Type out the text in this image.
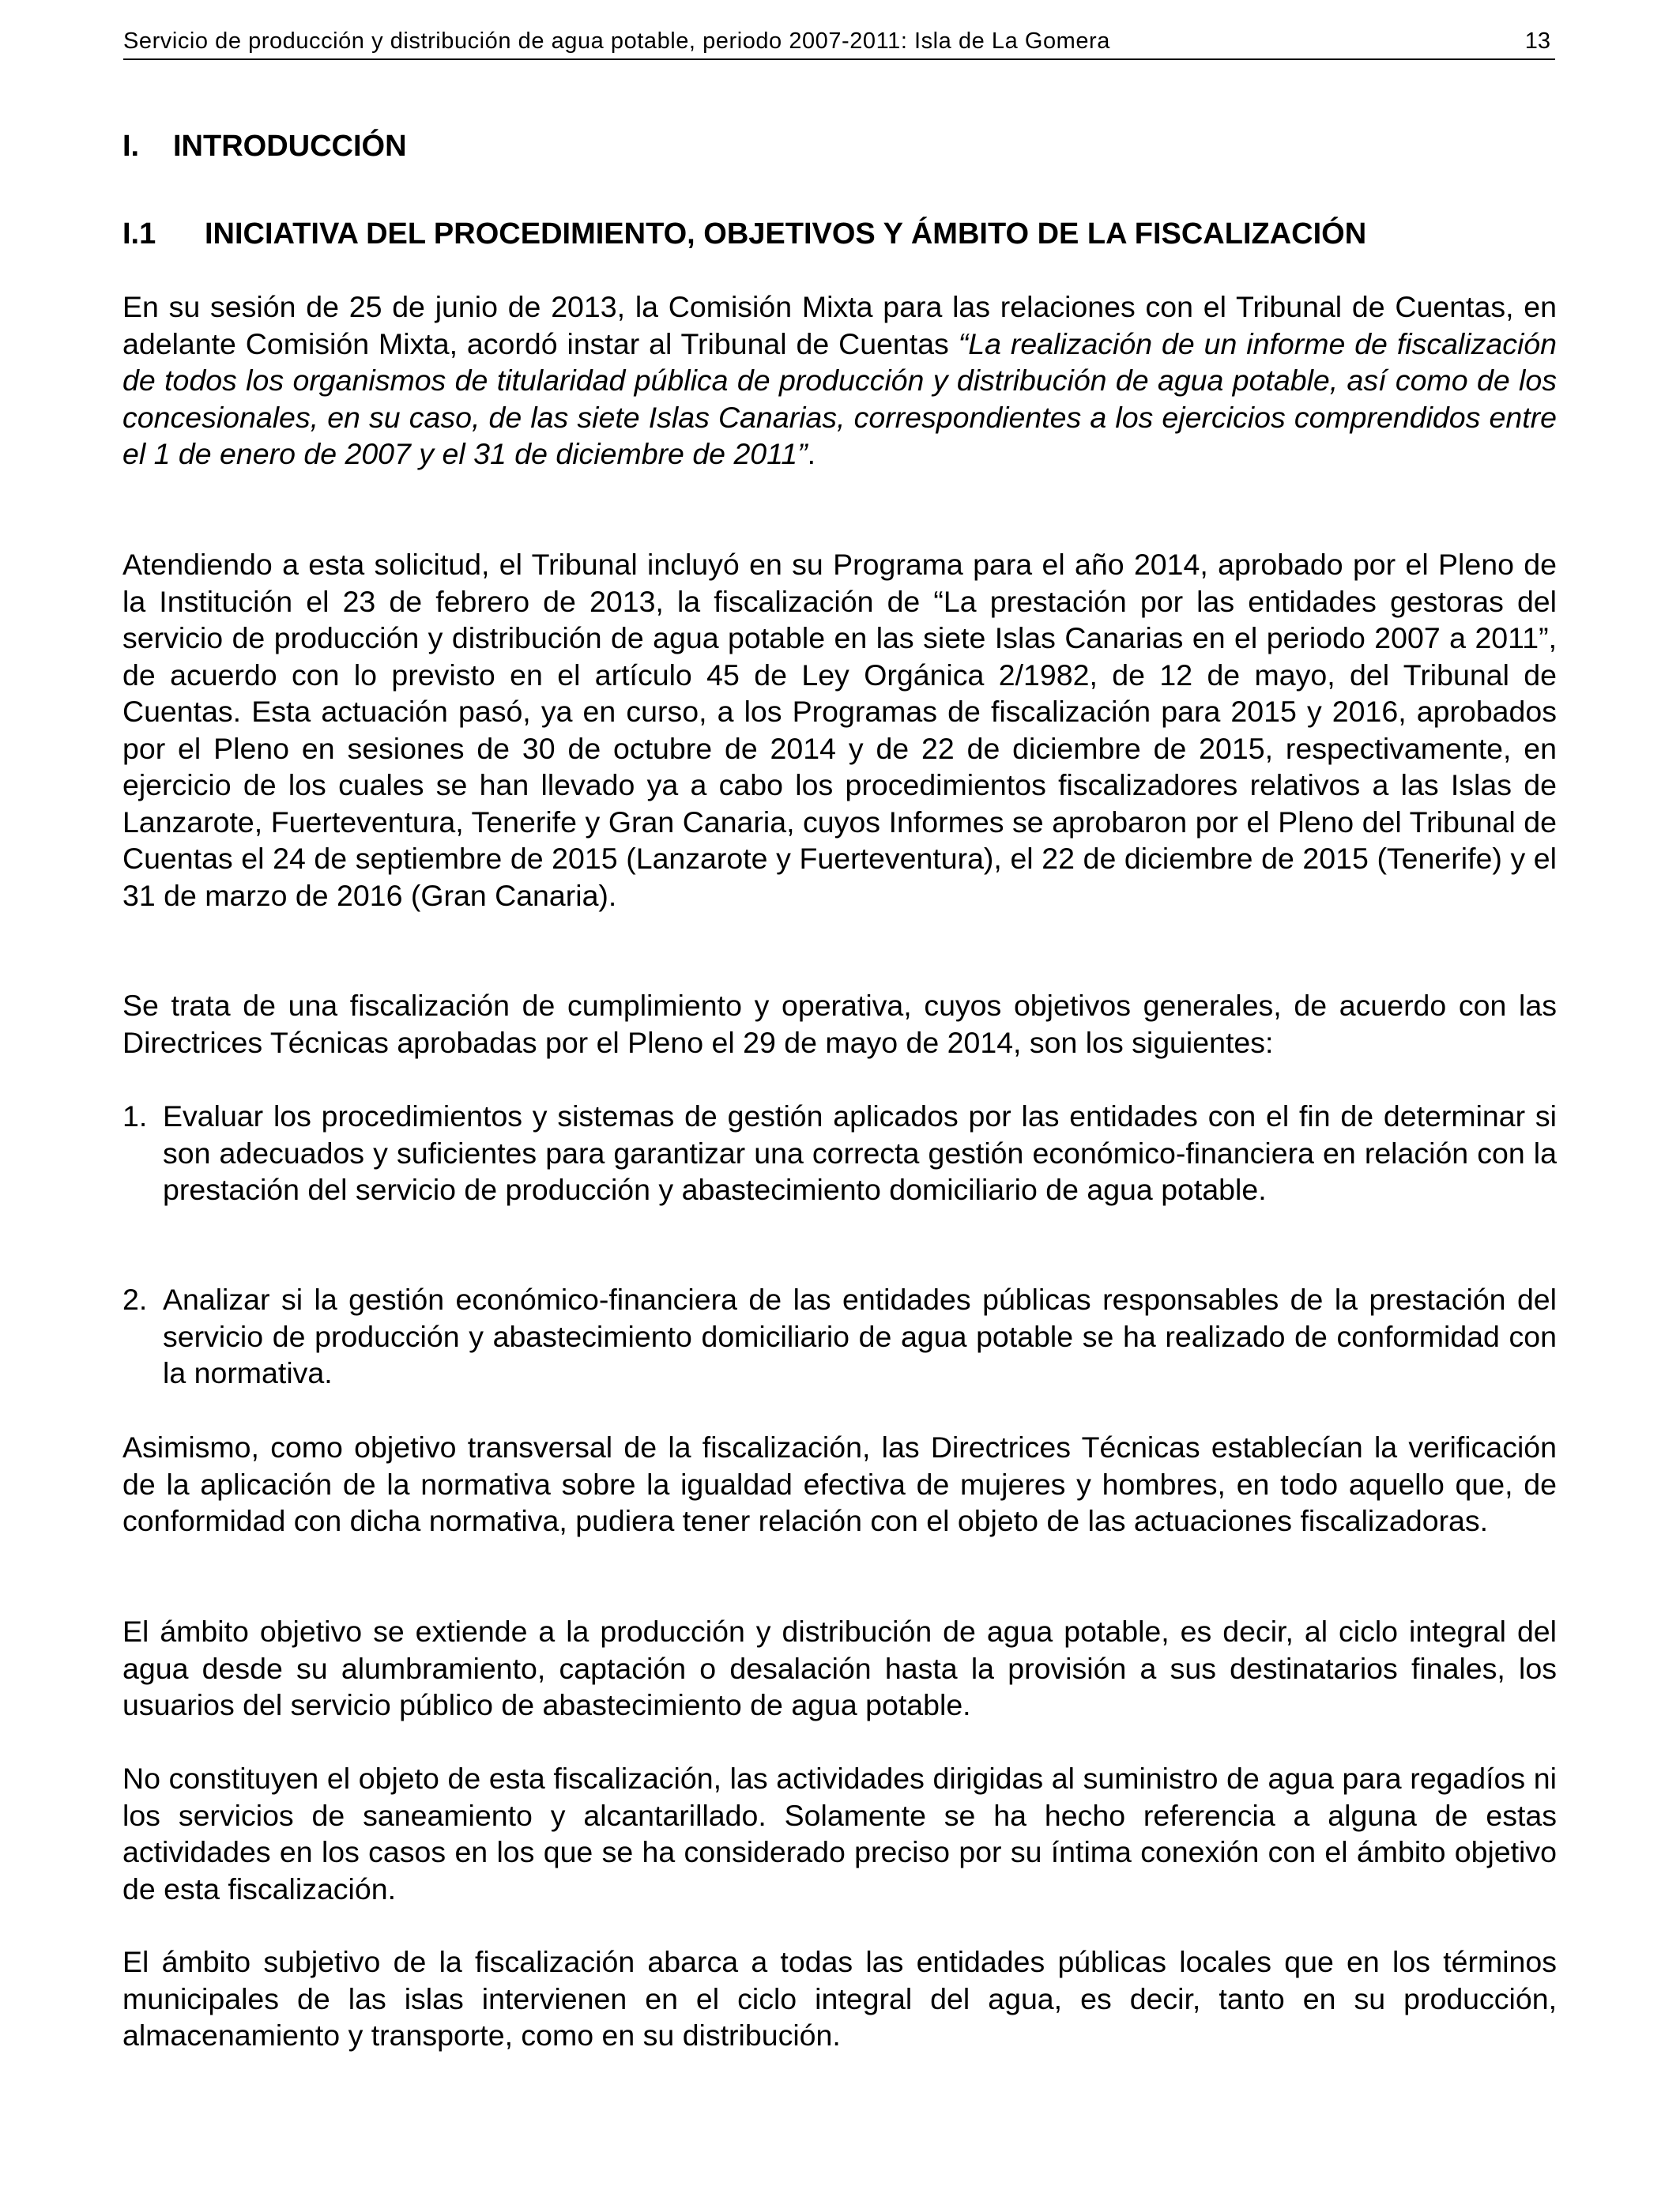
Servicio de producción y distribución de agua potable, periodo 2007-2011: Isla de La Gomera	13
I. INTRODUCCIÓN
I.1 INICIATIVA DEL PROCEDIMIENTO, OBJETIVOS Y ÁMBITO DE LA FISCALIZACIÓN

En su sesión de 25 de junio de 2013, la Comisión Mixta para las relaciones con el Tribunal de Cuentas, en adelante Comisión Mixta, acordó instar al Tribunal de Cuentas “La realización de un informe de fiscalización de todos los organismos de titularidad pública de producción y distribución de agua potable, así como de los concesionales, en su caso, de las siete Islas Canarias, correspondientes a los ejercicios comprendidos entre el 1 de enero de 2007 y el 31 de diciembre de 2011”.

Atendiendo a esta solicitud, el Tribunal incluyó en su Programa para el año 2014, aprobado por el Pleno de la Institución el 23 de febrero de 2013, la fiscalización de “La prestación por las entidades gestoras del servicio de producción y distribución de agua potable en las siete Islas Canarias en el periodo 2007 a 2011”, de acuerdo con lo previsto en el artículo 45 de Ley Orgánica 2/1982, de 12 de mayo, del Tribunal de Cuentas. Esta actuación pasó, ya en curso, a los Programas de fiscalización para 2015 y 2016, aprobados por el Pleno en sesiones de 30 de octubre de 2014 y de 22 de diciembre de 2015, respectivamente, en ejercicio de los cuales se han llevado ya a cabo los procedimientos fiscalizadores relativos a las Islas de Lanzarote, Fuerteventura, Tenerife y Gran Canaria, cuyos Informes se aprobaron por el Pleno del Tribunal de Cuentas el 24 de septiembre de 2015 (Lanzarote y Fuerteventura), el 22 de diciembre de 2015 (Tenerife) y el 31 de marzo de 2016 (Gran Canaria).

Se trata de una fiscalización de cumplimiento y operativa, cuyos objetivos generales, de acuerdo con las Directrices Técnicas aprobadas por el Pleno el 29 de mayo de 2014, son los siguientes:

1. Evaluar los procedimientos y sistemas de gestión aplicados por las entidades con el fin de determinar si son adecuados y suficientes para garantizar una correcta gestión económico-financiera en relación con la prestación del servicio de producción y abastecimiento domiciliario de agua potable.

2. Analizar si la gestión económico-financiera de las entidades públicas responsables de la prestación del servicio de producción y abastecimiento domiciliario de agua potable se ha realizado de conformidad con la normativa.

Asimismo, como objetivo transversal de la fiscalización, las Directrices Técnicas establecían la verificación de la aplicación de la normativa sobre la igualdad efectiva de mujeres y hombres, en todo aquello que, de conformidad con dicha normativa, pudiera tener relación con el objeto de las actuaciones fiscalizadoras.

El ámbito objetivo se extiende a la producción y distribución de agua potable, es decir, al ciclo integral del agua desde su alumbramiento, captación o desalación hasta la provisión a sus destinatarios finales, los usuarios del servicio público de abastecimiento de agua potable.

No constituyen el objeto de esta fiscalización, las actividades dirigidas al suministro de agua para regadíos ni los servicios de saneamiento y alcantarillado. Solamente se ha hecho referencia a alguna de estas actividades en los casos en los que se ha considerado preciso por su íntima conexión con el ámbito objetivo de esta fiscalización.

El ámbito subjetivo de la fiscalización abarca a todas las entidades públicas locales que en los términos municipales de las islas intervienen en el ciclo integral del agua, es decir, tanto en su producción, almacenamiento y transporte, como en su distribución.
